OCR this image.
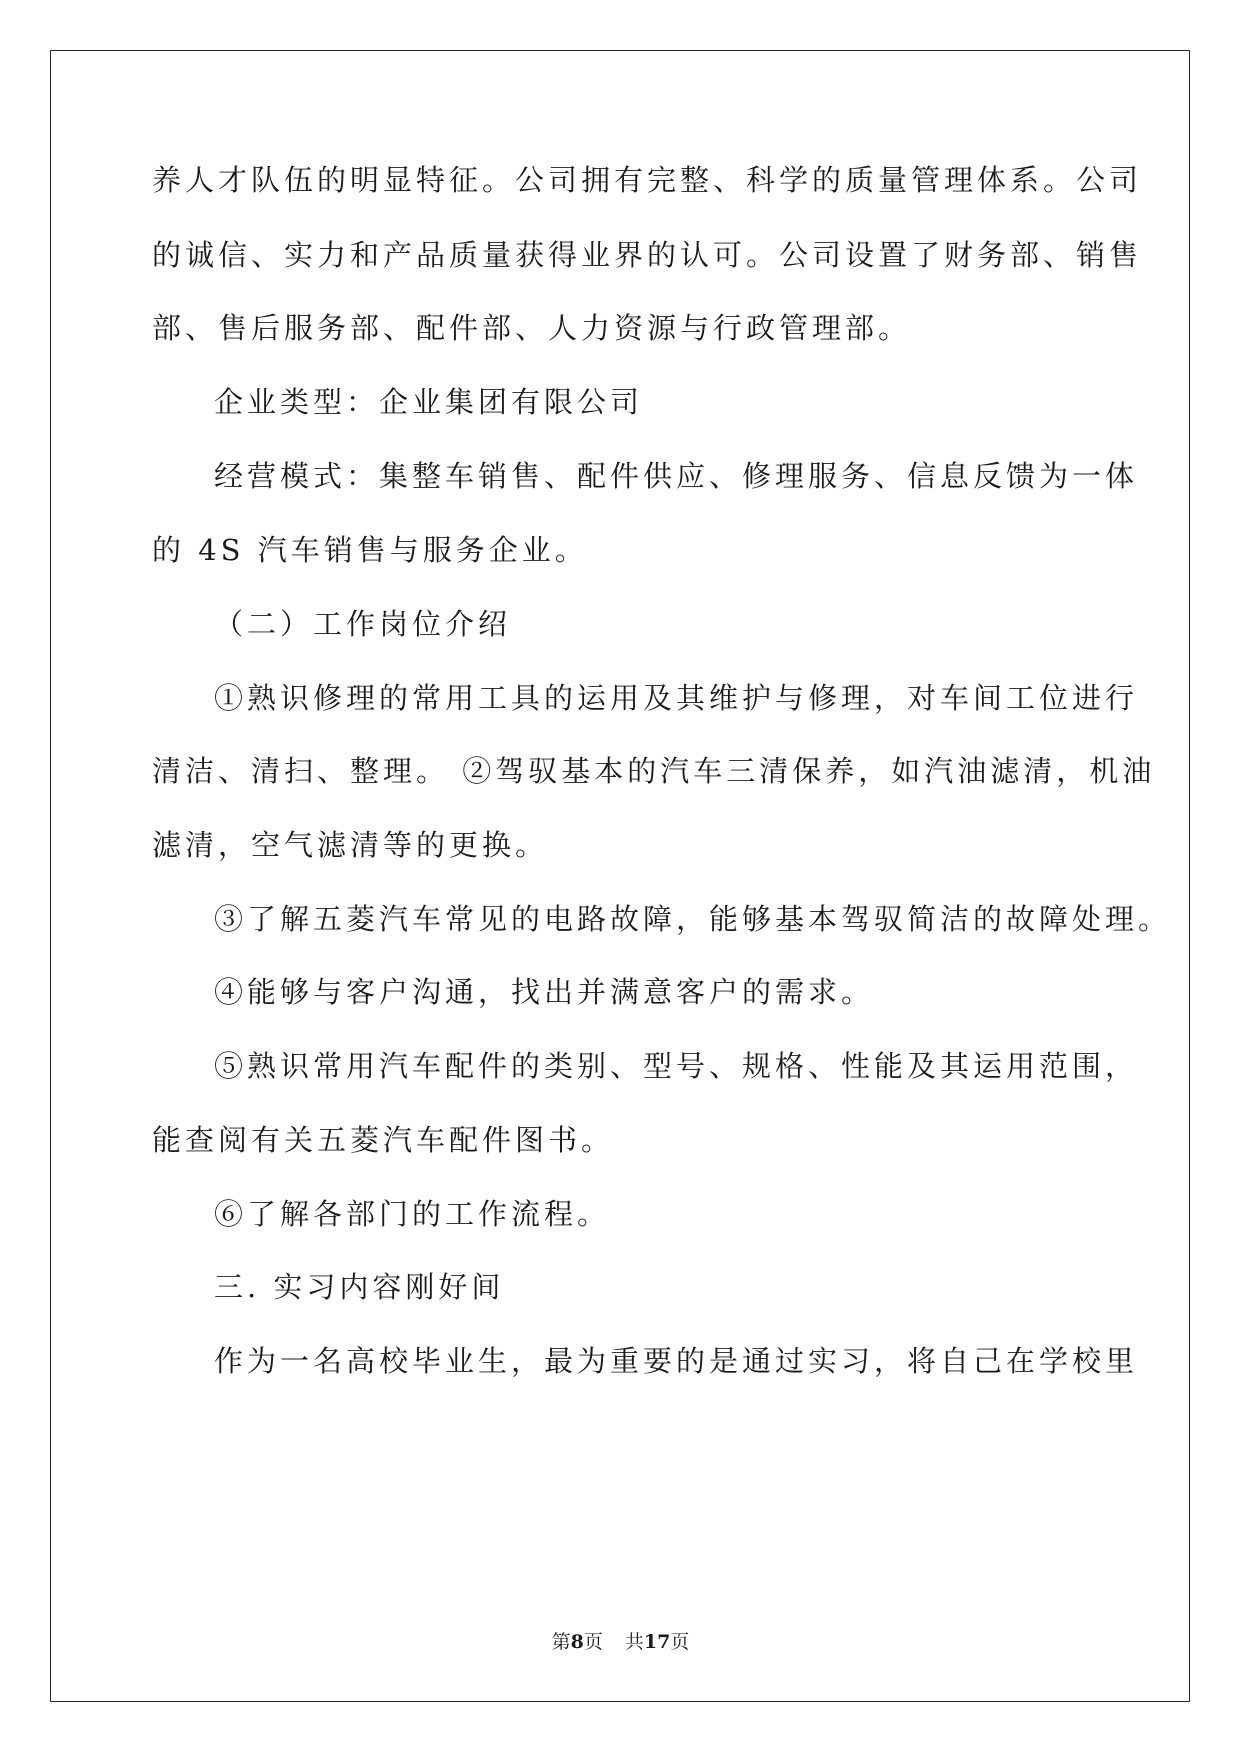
养人才队伍的明显特征。公司拥有完整、科学的质量管理体系。公司
的诚信、实力和产品质量获得业界的认可。公司设置了财务部、销售
部、售后服务部、配件部、人力资源与行政管理部。
企业类型：企业集团有限公司
经营模式：集整车销售、配件供应、修理服务、信息反馈为一体
的 4S 汽车销售与服务企业。
（二）工作岗位介绍
①熟识修理的常用工具的运用及其维护与修理，对车间工位进行
清洁、清扫、整理。 ②驾驭基本的汽车三清保养，如汽油滤清，机油
滤清，空气滤清等的更换。
③了解五菱汽车常见的电路故障，能够基本驾驭简洁的故障处理。
④能够与客户沟通，找出并满意客户的需求。
⑤熟识常用汽车配件的类别、型号、规格、性能及其运用范围，
能查阅有关五菱汽车配件图书。
⑥了解各部门的工作流程。
三. 实习内容刚好间
作为一名高校毕业生，最为重要的是通过实习，将自己在学校里
第8页 共17页
